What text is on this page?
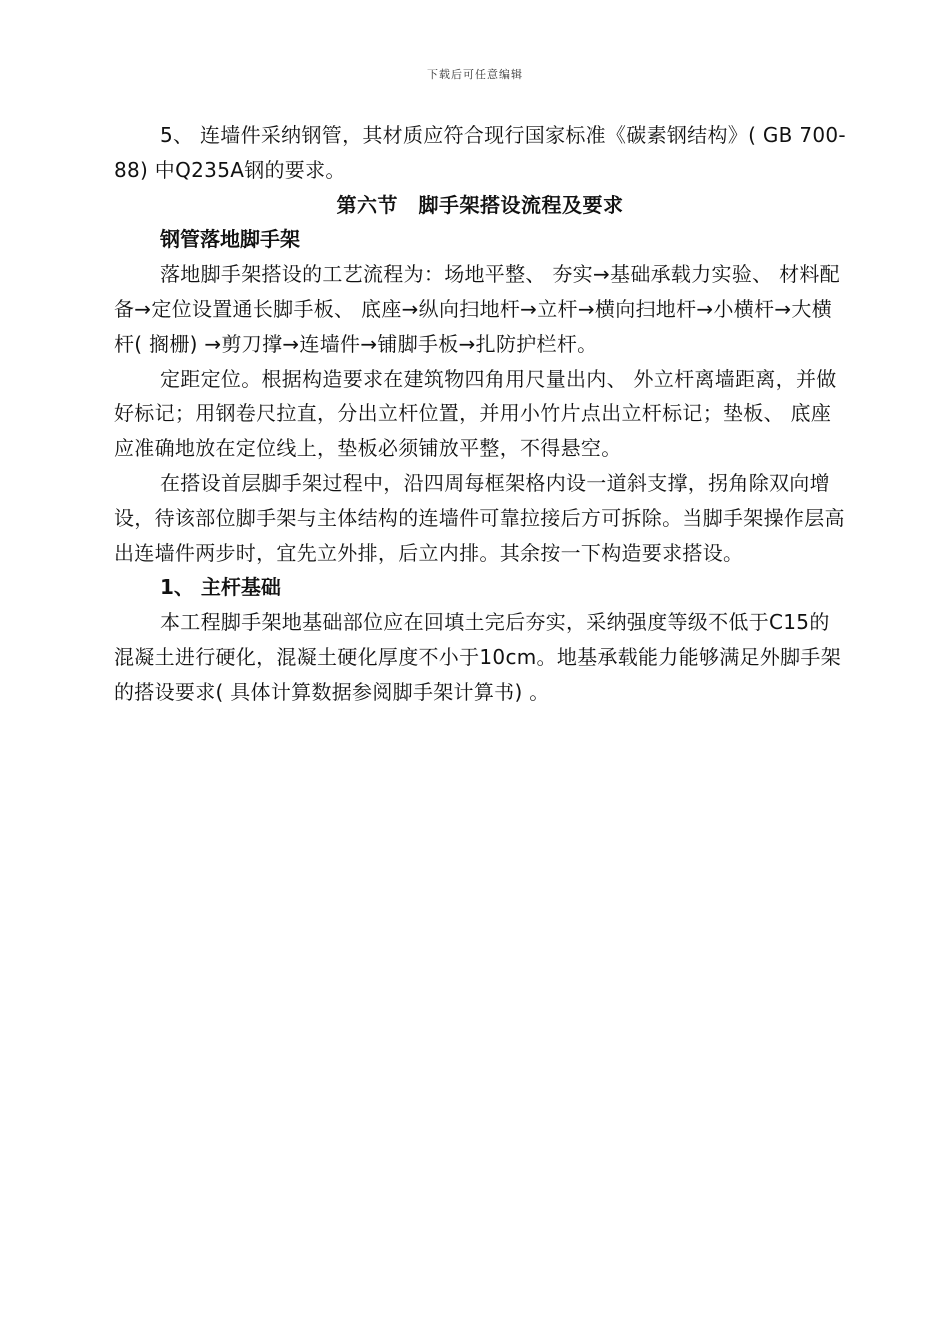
下载后可任意编辑

5、 连墙件采纳钢管，其材质应符合现行国家标准《碳素钢结构》( GB 700-88) 中Q235A钢的要求。

第六节　脚手架搭设流程及要求

钢管落地脚手架

落地脚手架搭设的工艺流程为：场地平整、 夯实→基础承载力实验、 材料配备→定位设置通长脚手板、 底座→纵向扫地杆→立杆→横向扫地杆→小横杆→大横杆( 搁栅) →剪刀撑→连墙件→铺脚手板→扎防护栏杆。

定距定位。根据构造要求在建筑物四角用尺量出内、 外立杆离墙距离，并做好标记；用钢卷尺拉直，分出立杆位置，并用小竹片点出立杆标记；垫板、 底座应准确地放在定位线上，垫板必须铺放平整，不得悬空。

在搭设首层脚手架过程中，沿四周每框架格内设一道斜支撑，拐角除双向增设，待该部位脚手架与主体结构的连墙件可靠拉接后方可拆除。当脚手架操作层高出连墙件两步时，宜先立外排，后立内排。其余按一下构造要求搭设。

1、 主杆基础

本工程脚手架地基础部位应在回填土完后夯实，采纳强度等级不低于C15的混凝土进行硬化，混凝土硬化厚度不小于10cm。地基承载能力能够满足外脚手架的搭设要求( 具体计算数据参阅脚手架计算书) 。
